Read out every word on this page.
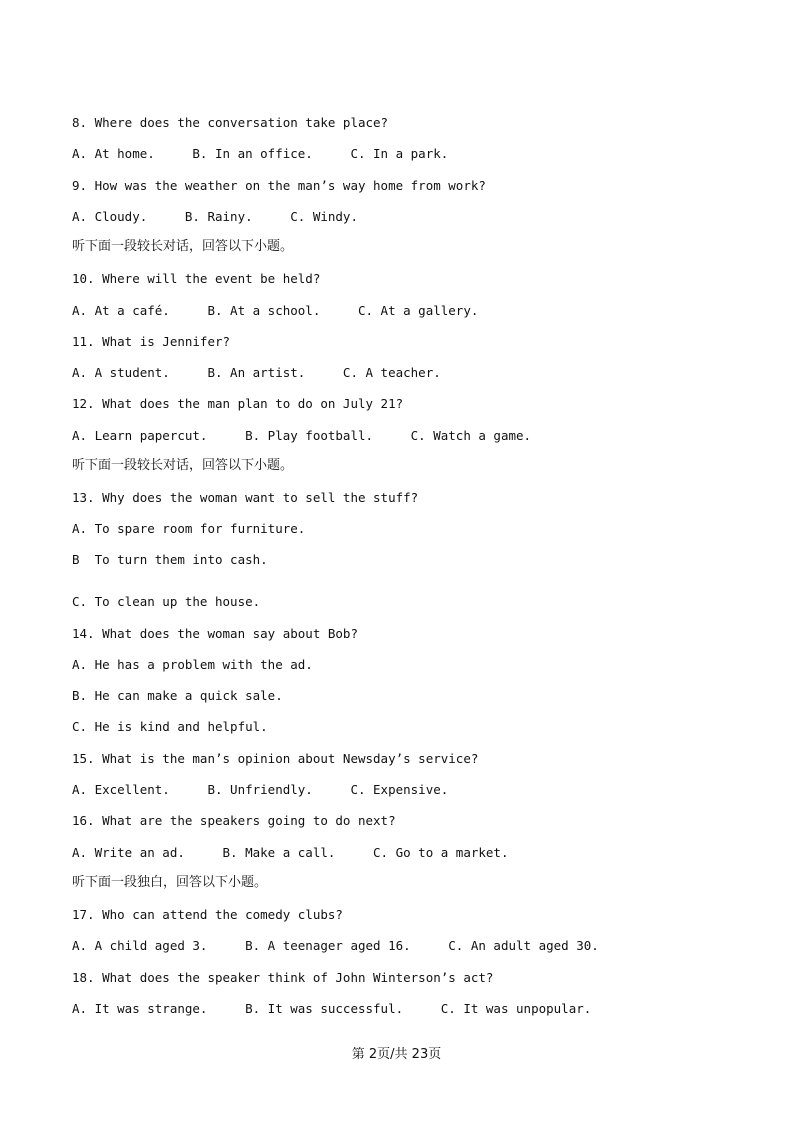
8. Where does the conversation take place?

A. At home.     B. In an office.     C. In a park.

9. How was the weather on the man’s way home from work?

A. Cloudy.     B. Rainy.     C. Windy.

听下面一段较长对话，回答以下小题。

10. Where will the event be held?

A. At a café.     B. At a school.     C. At a gallery.

11. What is Jennifer?

A. A student.     B. An artist.     C. A teacher.

12. What does the man plan to do on July 21?

A. Learn papercut.     B. Play football.     C. Watch a game.

听下面一段较长对话，回答以下小题。

13. Why does the woman want to sell the stuff?

A. To spare room for furniture.

B  To turn them into cash.

C. To clean up the house.

14. What does the woman say about Bob?

A. He has a problem with the ad.

B. He can make a quick sale.

C. He is kind and helpful.

15. What is the man’s opinion about Newsday’s service?

A. Excellent.     B. Unfriendly.     C. Expensive.

16. What are the speakers going to do next?

A. Write an ad.     B. Make a call.     C. Go to a market.

听下面一段独白，回答以下小题。

17. Who can attend the comedy clubs?

A. A child aged 3.     B. A teenager aged 16.     C. An adult aged 30.

18. What does the speaker think of John Winterson’s act?

A. It was strange.     B. It was successful.     C. It was unpopular.

第 2页/共 23页
